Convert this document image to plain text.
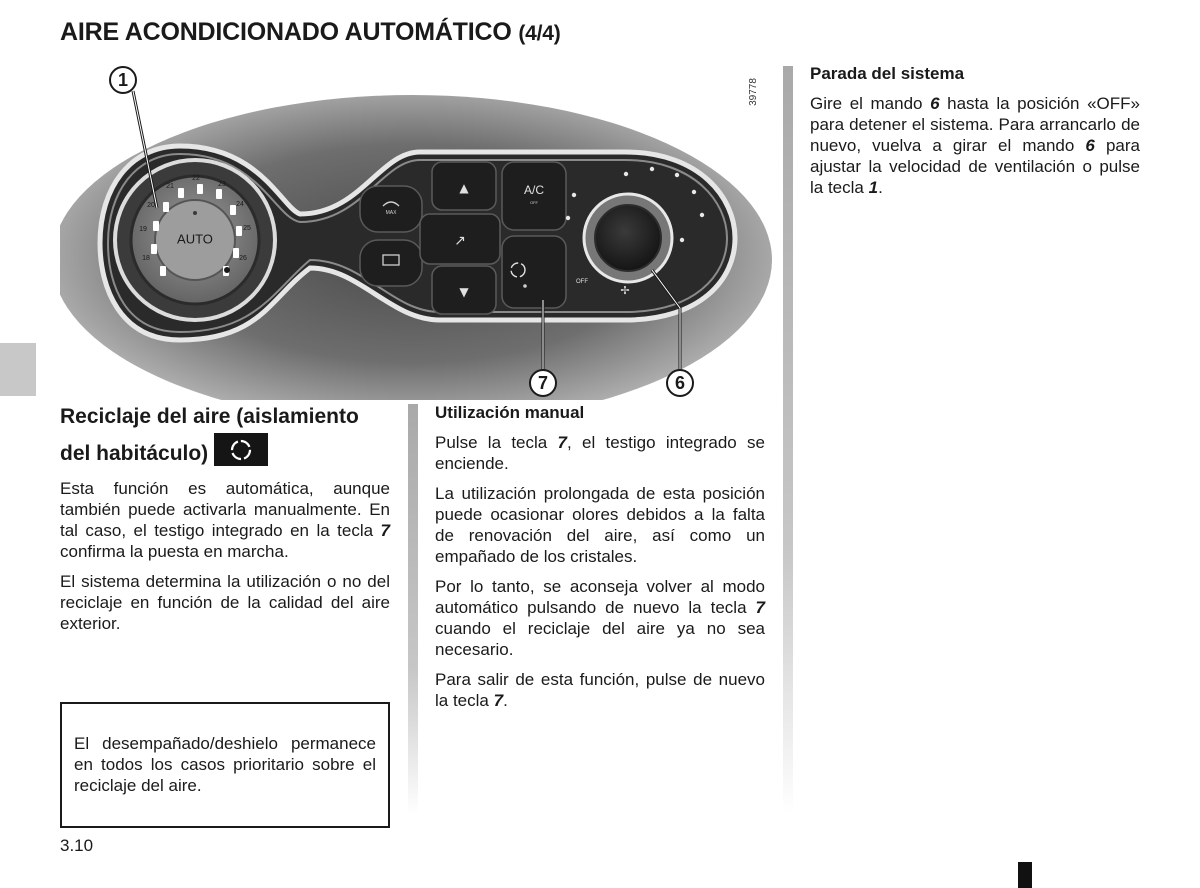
AIRE ACONDICIONADO AUTOMÁTICO (4/4)
AUTO
18
19
20
21
22
23
24
25
26
MAX
▲
↗
▼
A/C
OFF
OFF
✢
1
7	6
39778
Reciclaje del aire (aislamiento del habitáculo)

Esta función es automática, aunque también puede activarla manualmente. En tal caso, el testigo integrado en la tecla 7 confirma la puesta en marcha.

El sistema determina la utilización o no del reciclaje en función de la calidad del aire exterior.

El desempañado/deshielo permanece en todos los casos prioritario sobre el reciclaje del aire.

Utilización manual

Pulse la tecla 7, el testigo integrado se enciende.

La utilización prolongada de esta posición puede ocasionar olores debidos a la falta de renovación del aire, así como un empañado de los cristales.

Por lo tanto, se aconseja volver al modo automático pulsando de nuevo la tecla 7 cuando el reciclaje del aire ya no sea necesario.

Para salir de esta función, pulse de nuevo la tecla 7.

Parada del sistema

Gire el mando 6 hasta la posición «OFF» para detener el sistema. Para arrancarlo de nuevo, vuelva a girar el mando 6 para ajustar la velocidad de ventilación o pulse la tecla 1.

3.10
